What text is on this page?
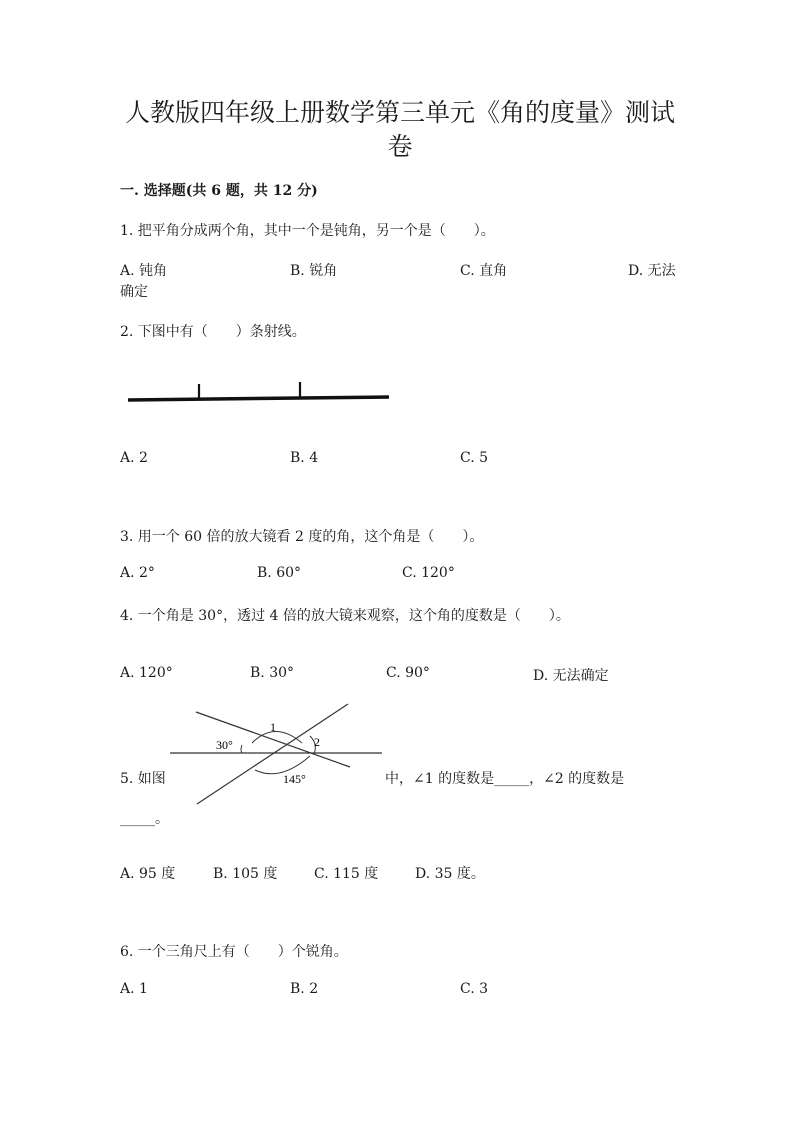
人教版四年级上册数学第三单元《角的度量》测试
卷
一. 选择题(共 6 题，共 12 分)
1. 把平角分成两个角，其中一个是钝角，另一个是（　　）。
A. 钝角	B. 锐角	C. 直角	D. 无法
确定
2. 下图中有（　　）条射线。
A. 2	B. 4	C. 5
3. 用一个 60 倍的放大镜看 2 度的角，这个角是（　　）。
A. 2°	B. 60°	C. 120°
4. 一个角是 30°，透过 4 倍的放大镜来观察，这个角的度数是（　　）。
A. 120°	B. 30°	C. 90°	D. 无法确定
1
2
30°
145°
5. 如图	中，∠1 的度数是_____，∠2 的度数是
_____。
A. 95 度	B. 105 度	C. 115 度	D. 35 度。
6. 一个三角尺上有（　　）个锐角。
A. 1	B. 2	C. 3
